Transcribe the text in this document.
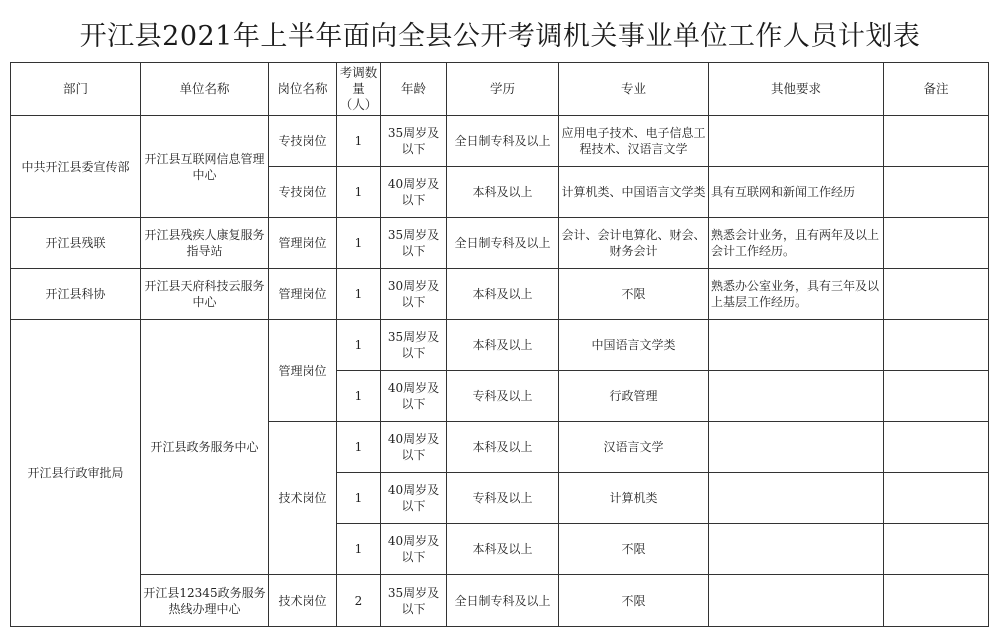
开江县2021年上半年面向全县公开考调机关事业单位工作人员计划表
部门	单位名称	岗位名称	考调数量（人）	年龄	学历	专业	其他要求	备注
中共开江县委宣传部	开江县互联网信息管理中心	专技岗位	1	35周岁及以下	全日制专科及以上	应用电子技术、电子信息工程技术、汉语言文学		
		专技岗位	1	40周岁及以下	本科及以上	计算机类、中国语言文学类	具有互联网和新闻工作经历	
开江县残联	开江县残疾人康复服务指导站	管理岗位	1	35周岁及以下	全日制专科及以上	会计、会计电算化、财会、财务会计	熟悉会计业务，且有两年及以上会计工作经历。	
开江县科协	开江县天府科技云服务中心	管理岗位	1	30周岁及以下	本科及以上	不限	熟悉办公室业务，具有三年及以上基层工作经历。	
开江县行政审批局	开江县政务服务中心	管理岗位	1	35周岁及以下	本科及以上	中国语言文学类		
			1	40周岁及以下	专科及以上	行政管理		
		技术岗位	1	40周岁及以下	本科及以上	汉语言文学		
			1	40周岁及以下	专科及以上	计算机类		
			1	40周岁及以下	本科及以上	不限		
	开江县12345政务服务热线办理中心	技术岗位	2	35周岁及以下	全日制专科及以上	不限		
